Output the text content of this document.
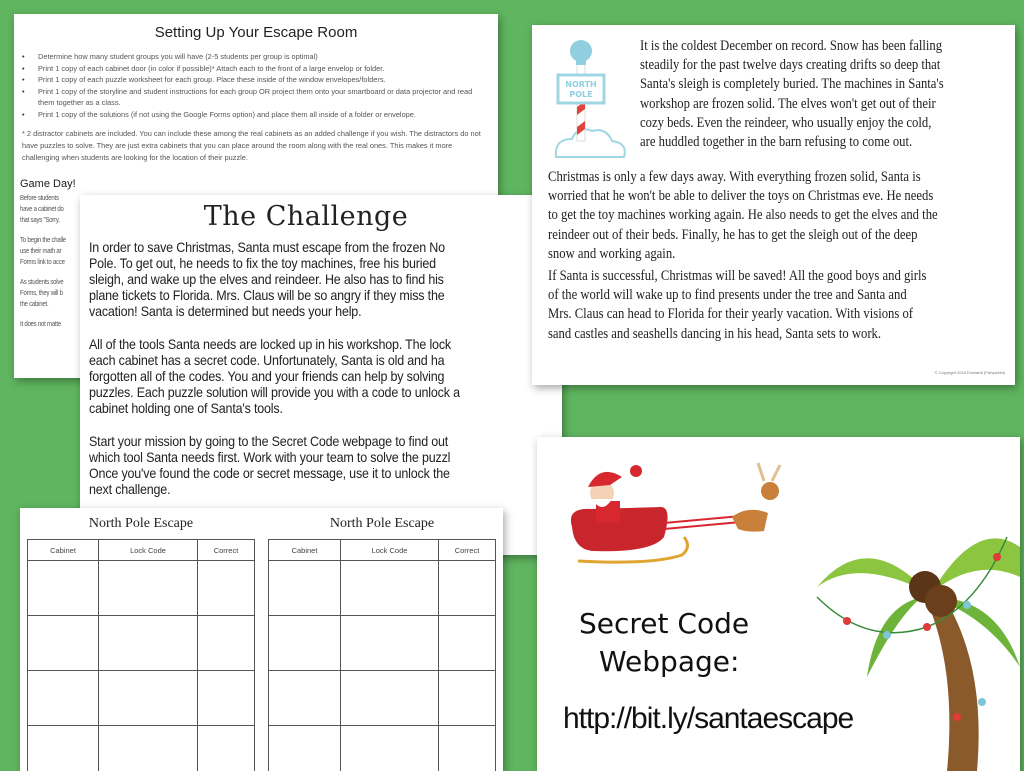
Setting Up Your Escape Room
• Determine how many student groups you will have (2-5 students per group is optimal)
• Print 1 copy of each cabinet door (in color if possible)* Attach each to the front of a large envelop or folder.
• Print 1 copy of each puzzle worksheet for each group. Place these inside of the window envelopes/folders.
• Print 1 copy of the storyline and student instructions for each group OR project them onto your smartboard or data projector and read them together as a class.
• Print 1 copy of the solutions (if not using the Google Forms option) and place them all inside of a folder or envelope.
* 2 distractor cabinets are included. You can include these among the real cabinets as an added challenge if you wish. The distractors do not have puzzles to solve. They are just extra cabinets that you can place around the room along with the real ones. This makes it more challenging when students are looking for the location of their puzzle.
Game Day!
Before students
have a cabinet do
that says "Sorry,
To begin the challe
use their math ar
Forms link to acce
As students solve
Forms, they will b
the cabinet.
It does not matte
The Challenge

In order to save Christmas, Santa must escape from the frozen No
Pole. To get out, he needs to fix the toy machines, free his buried
sleigh, and wake up the elves and reindeer. He also has to find his
plane tickets to Florida. Mrs. Claus will be so angry if they miss the
vacation! Santa is determined but needs your help.

All of the tools Santa needs are locked up in his workshop. The lock
each cabinet has a secret code. Unfortunately, Santa is old and ha
forgotten all of the codes. You and your friends can help by solving
puzzles. Each puzzle solution will provide you with a code to unlock a
cabinet holding one of Santa's tools.

Start your mission by going to the Secret Code webpage to find out
which tool Santa needs first. Work with your team to solve the puzzl
Once you've found the code or secret message, use it to unlock the
next challenge.

NORTH
POLE
It is the coldest December on record. Snow has been falling
steadily for the past twelve days creating drifts so deep that
Santa's sleigh is completely buried. The machines in Santa's
workshop are frozen solid. The elves won't get out of their
cozy beds. Even the reindeer, who usually enjoy the cold,
are huddled together in the barn refusing to come out.
Christmas is only a few days away. With everything frozen solid, Santa is
worried that he won't be able to deliver the toys on Christmas eve. He needs
to get the toy machines working again. He also needs to get the elves and the
reindeer out of their beds. Finally, he has to get the sleigh out of the deep
snow and working again.
If Santa is successful, Christmas will be saved! All the good boys and girls
of the world will wake up to find presents under the tree and Santa and
Mrs. Claus can head to Florida for their yearly vacation. With visions of
sand castles and seashells dancing in his head, Santa sets to work.
© Copyright 2018 Eckhardt (Fishyrubbl)
North Pole Escape
Cabinet	Lock Code	Correct

North Pole Escape
Cabinet	Lock Code	Correct

Secret Code
Webpage:
http://bit.ly/santaescape
